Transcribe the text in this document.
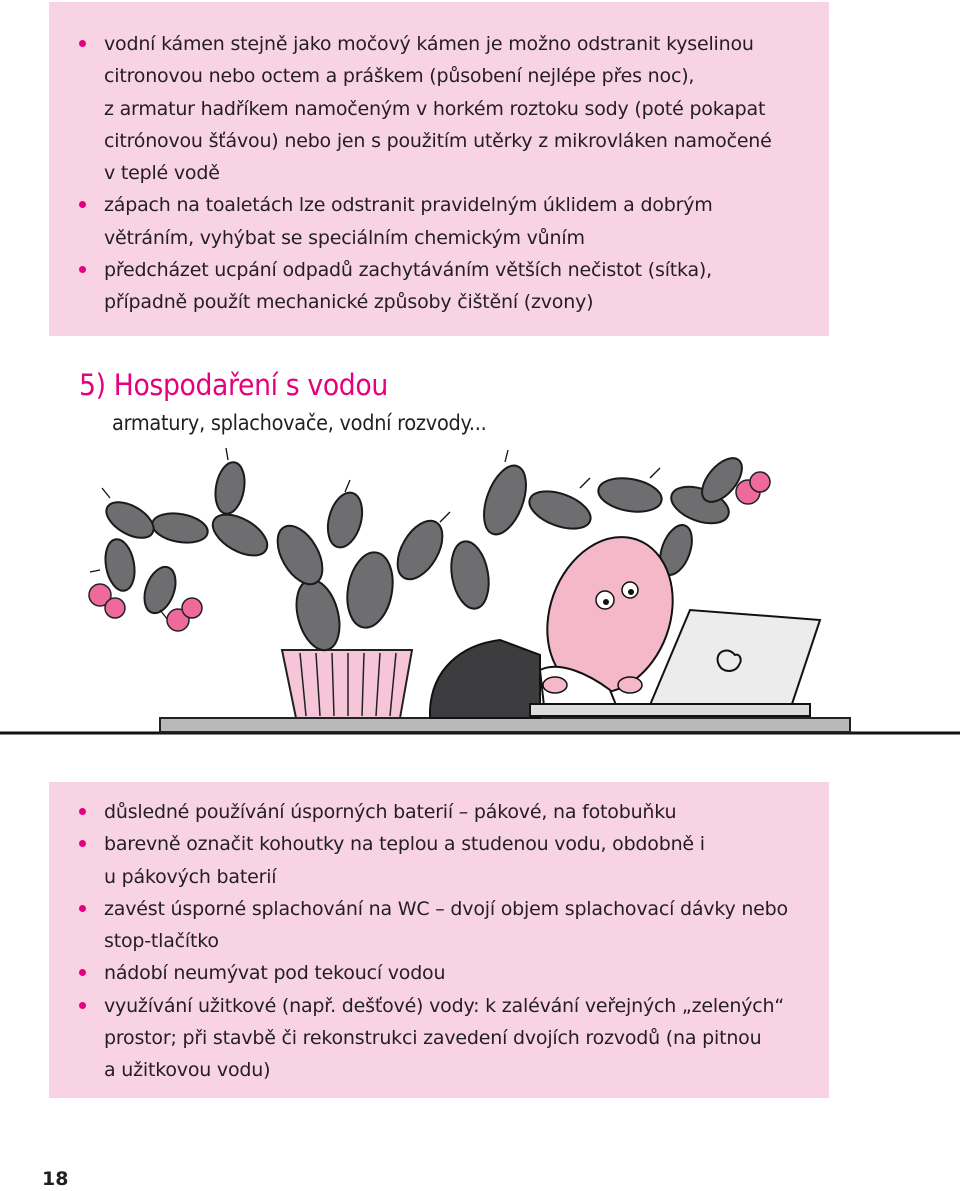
vodní kámen stejně jako močový kámen je možno odstranit kyselinou
citronovou nebo octem a práškem (působení nejlépe přes noc),
z armatur hadříkem namočeným v horkém roztoku sody (poté pokapat
citrónovou šťávou) nebo jen s použitím utěrky z mikrovláken namočené
v teplé vodě
zápach na toaletách lze odstranit pravidelným úklidem a dobrým
větráním, vyhýbat se speciálním chemickým vůním
předcházet ucpání odpadů zachytáváním větších nečistot (sítka),
případně použít mechanické způsoby čištění (zvony)
5) Hospodaření s vodou

armatury, splachovače, vodní rozvody...

důsledné používání úsporných baterií – pákové, na fotobuňku
barevně označit kohoutky na teplou a studenou vodu, obdobně i
u pákových baterií
zavést úsporné splachování na WC – dvojí objem splachovací dávky nebo
stop-tlačítko
nádobí neumývat pod tekoucí vodou
využívání užitkové (např. dešťové) vody: k zalévání veřejných „zelených“
prostor; při stavbě či rekonstrukci zavedení dvojích rozvodů (na pitnou
a užitkovou vodu)
18
